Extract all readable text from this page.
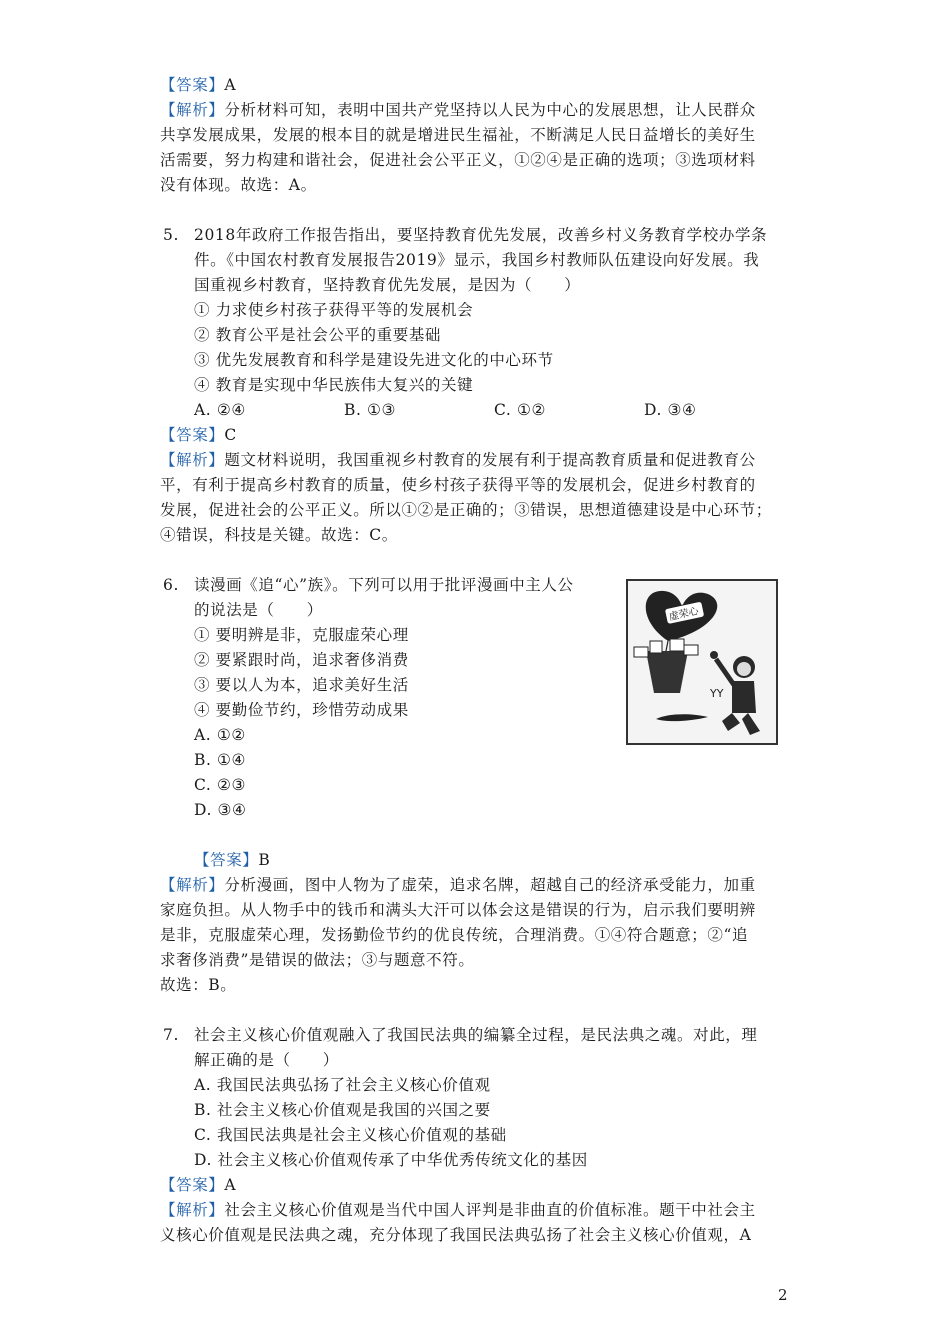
【答案】A
【解析】分析材料可知，表明中国共产党坚持以人民为中心的发展思想，让人民群众
共享发展成果，发展的根本目的就是增进民生福祉，不断满足人民日益增长的美好生
活需要，努力构建和谐社会，促进社会公平正义，①②④是正确的选项；③选项材料
没有体现。故选：A。
5. 2018年政府工作报告指出，要坚持教育优先发展，改善乡村义务教育学校办学条
件。《中国农村教育发展报告2019》显示，我国乡村教师队伍建设向好发展。我
国重视乡村教育，坚持教育优先发展，是因为（　　）
① 力求使乡村孩子获得平等的发展机会
② 教育公平是社会公平的重要基础
③ 优先发展教育和科学是建设先进文化的中心环节
④ 教育是实现中华民族伟大复兴的关键
A. ②④	B. ①③	C. ①②	D. ③④
【答案】C
【解析】题文材料说明，我国重视乡村教育的发展有利于提高教育质量和促进教育公
平，有利于提高乡村教育的质量，使乡村孩子获得平等的发展机会，促进乡村教育的
发展，促进社会的公平正义。所以①②是正确的；③错误，思想道德建设是中心环节；
④错误，科技是关键。故选：C。
6. 读漫画《追“心”族》。下列可以用于批评漫画中主人公
的说法是（　　）
① 要明辨是非，克服虚荣心理
② 要紧跟时尚，追求奢侈消费
③ 要以人为本，追求美好生活
④ 要勤俭节约，珍惜劳动成果
A. ①②
B. ①④
C. ②③
D. ③④
虚荣心
YY
【答案】B
【解析】分析漫画，图中人物为了虚荣，追求名牌，超越自己的经济承受能力，加重
家庭负担。从人物手中的钱币和满头大汗可以体会这是错误的行为，启示我们要明辨
是非，克服虚荣心理，发扬勤俭节约的优良传统，合理消费。①④符合题意；②“追
求奢侈消费”是错误的做法；③与题意不符。
故选：B。
7. 社会主义核心价值观融入了我国民法典的编纂全过程，是民法典之魂。对此，理
解正确的是（　　）
A. 我国民法典弘扬了社会主义核心价值观
B. 社会主义核心价值观是我国的兴国之要
C. 我国民法典是社会主义核心价值观的基础
D. 社会主义核心价值观传承了中华优秀传统文化的基因
【答案】A
【解析】社会主义核心价值观是当代中国人评判是非曲直的价值标准。题干中社会主
义核心价值观是民法典之魂，充分体现了我国民法典弘扬了社会主义核心价值观，A
2
